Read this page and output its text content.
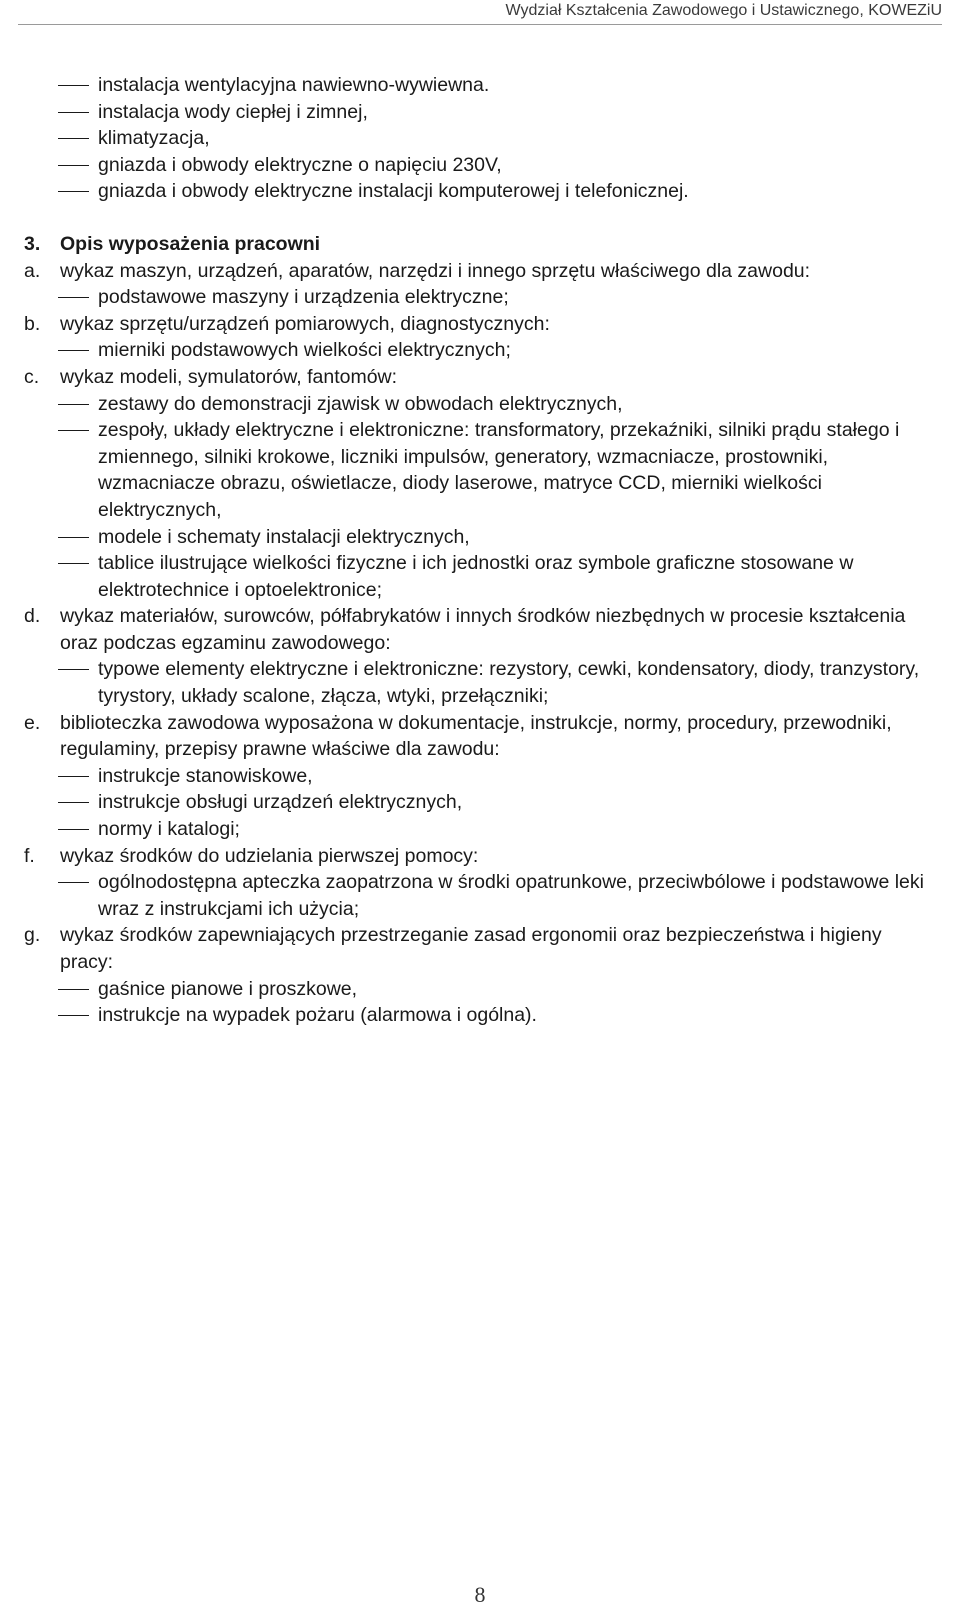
Wydział Kształcenia Zawodowego i Ustawicznego, KOWEZiU
instalacja wentylacyjna nawiewno-wywiewna.
instalacja wody ciepłej i zimnej,
klimatyzacja,
gniazda i obwody elektryczne o napięciu 230V,
gniazda i obwody elektryczne instalacji komputerowej i telefonicznej.
3. Opis wyposażenia pracowni
a. wykaz maszyn, urządzeń, aparatów, narzędzi i innego sprzętu właściwego dla zawodu:
podstawowe maszyny i urządzenia elektryczne;
b. wykaz sprzętu/urządzeń pomiarowych, diagnostycznych:
mierniki podstawowych wielkości elektrycznych;
c. wykaz modeli, symulatorów, fantomów:
zestawy do demonstracji zjawisk w obwodach elektrycznych,
zespoły, układy elektryczne i elektroniczne: transformatory, przekaźniki, silniki prądu stałego i zmiennego, silniki krokowe, liczniki impulsów, generatory, wzmacniacze, prostowniki, wzmacniacze obrazu, oświetlacze, diody laserowe, matryce CCD, mierniki wielkości elektrycznych,
modele i schematy instalacji elektrycznych,
tablice ilustrujące wielkości fizyczne i ich jednostki oraz symbole graficzne stosowane w elektrotechnice i optoelektronice;
d. wykaz materiałów, surowców, półfabrykatów i innych środków niezbędnych w procesie kształcenia oraz podczas egzaminu zawodowego:
typowe elementy elektryczne i elektroniczne: rezystory, cewki, kondensatory, diody, tranzystory, tyrystory, układy scalone, złącza, wtyki, przełączniki;
e. biblioteczka zawodowa wyposażona w dokumentacje, instrukcje, normy, procedury, przewodniki, regulaminy, przepisy prawne właściwe dla zawodu:
instrukcje stanowiskowe,
instrukcje obsługi urządzeń elektrycznych,
normy i katalogi;
f. wykaz środków do udzielania pierwszej pomocy:
ogólnodostępna apteczka zaopatrzona w środki opatrunkowe, przeciwbólowe i podstawowe leki wraz z instrukcjami ich użycia;
g. wykaz środków zapewniających przestrzeganie zasad ergonomii oraz bezpieczeństwa i higieny pracy:
gaśnice pianowe i proszkowe,
instrukcje na wypadek pożaru (alarmowa i ogólna).
8
